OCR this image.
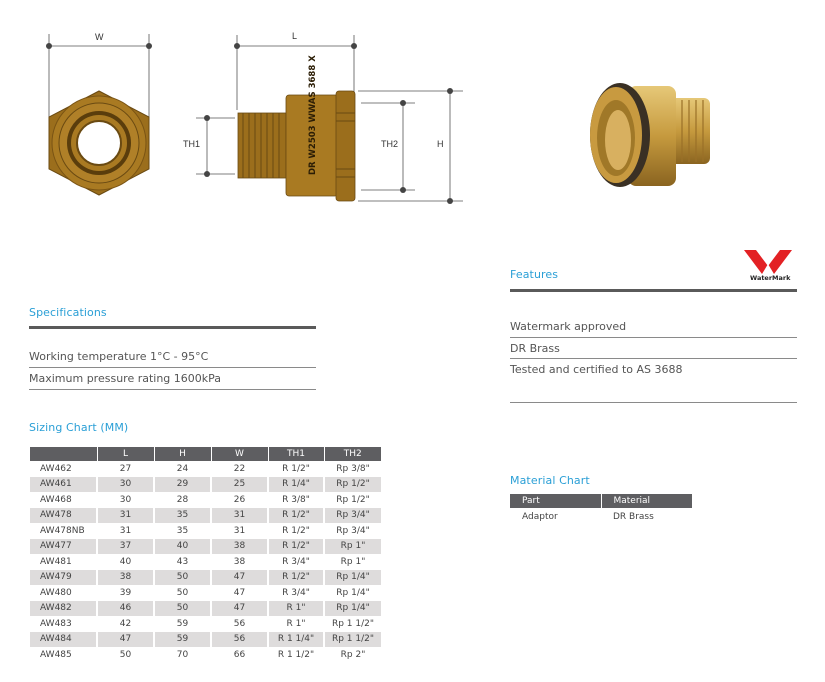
W
DR W2503 WWAS 3688 X
L
TH1	TH2	H
Features	WaterMark
Watermark approved
DR Brass
Tested and certified to AS 3688
Specifications
Working temperature 1°C - 95°C
Maximum pressure rating 1600kPa
Sizing Chart (MM)
	L	H	W	TH1	TH2
AW462	27	24	22	R 1/2"	Rp 3/8"
AW461	30	29	25	R 1/4"	Rp 1/2"
AW468	30	28	26	R 3/8"	Rp 1/2"
AW478	31	35	31	R 1/2"	Rp 3/4"
AW478NB	31	35	31	R 1/2"	Rp 3/4"
AW477	37	40	38	R 1/2"	Rp 1"
AW481	40	43	38	R 3/4"	Rp 1"
AW479	38	50	47	R 1/2"	Rp 1/4"
AW480	39	50	47	R 3/4"	Rp 1/4"
AW482	46	50	47	R 1"	Rp 1/4"
AW483	42	59	56	R 1"	Rp 1 1/2"
AW484	47	59	56	R 1 1/4"	Rp 1 1/2"
AW485	50	70	66	R 1 1/2"	Rp 2"
Material Chart
Part	Material
Adaptor	DR Brass
